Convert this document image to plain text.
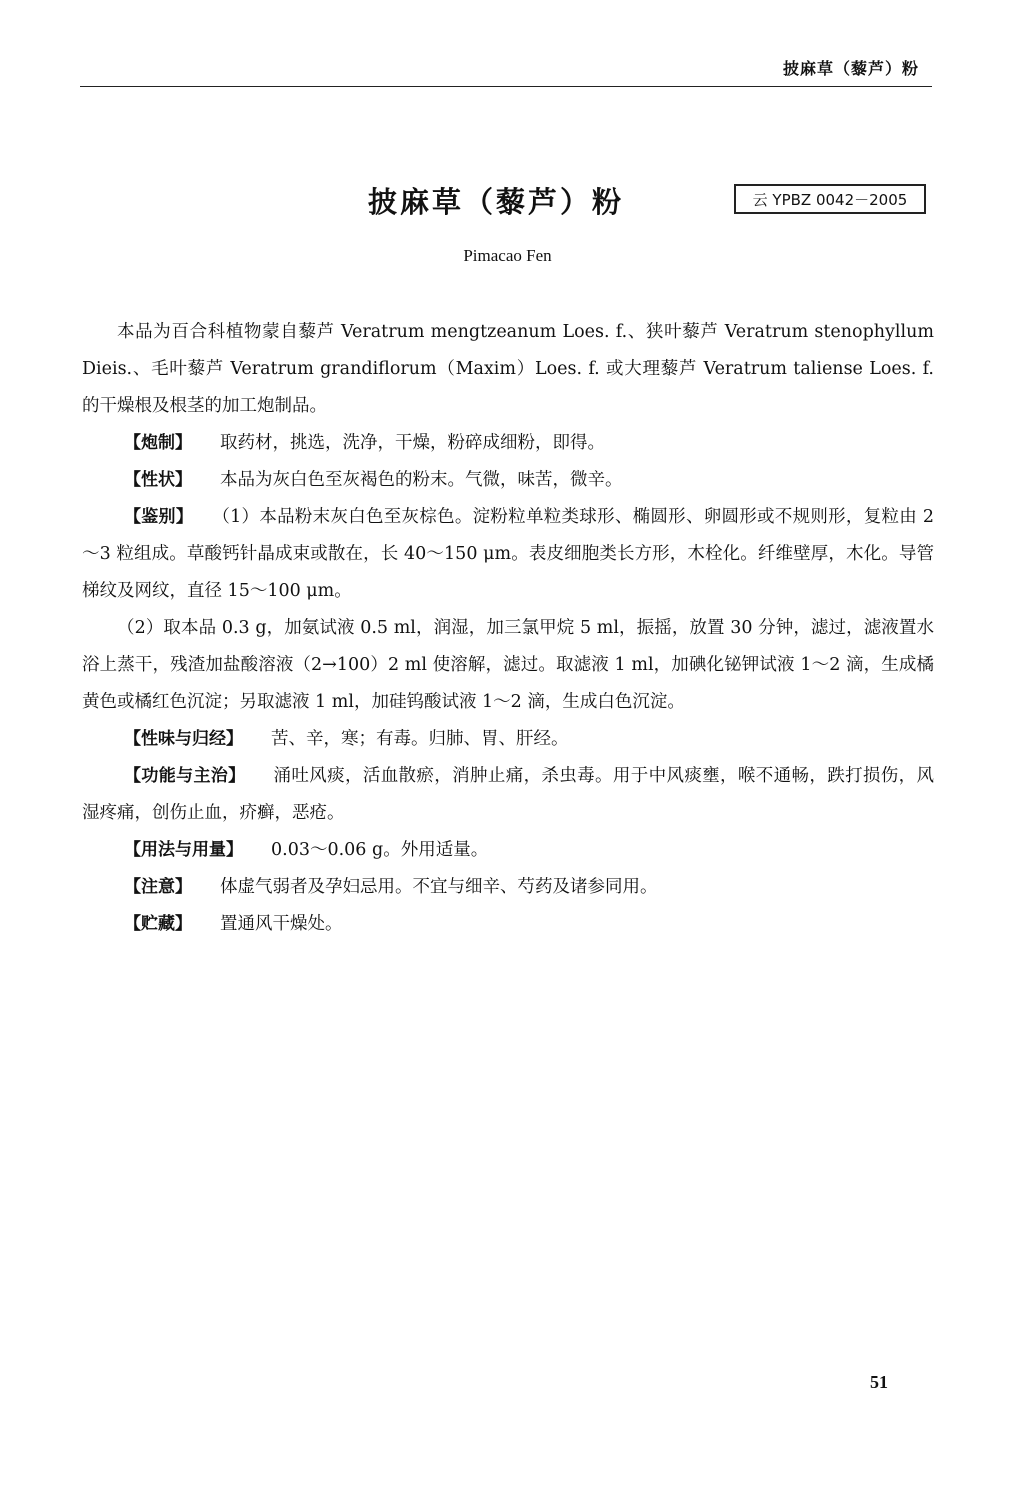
披麻草（藜芦）粉
披麻草（藜芦）粉	云 YPBZ 0042－2005
Pimacao Fen

本品为百合科植物蒙自藜芦 Veratrum mengtzeanum Loes. f.、狭叶藜芦 Veratrum stenophyllum Dieis.、毛叶藜芦 Veratrum grandiflorum（Maxim）Loes. f. 或大理藜芦 Veratrum taliense Loes. f. 的干燥根及根茎的加工炮制品。

【炮制】 取药材，挑选，洗净，干燥，粉碎成细粉，即得。

【性状】 本品为灰白色至灰褐色的粉末。气微，味苦，微辛。

【鉴别】 （1）本品粉末灰白色至灰棕色。淀粉粒单粒类球形、椭圆形、卵圆形或不规则形，复粒由 2～3 粒组成。草酸钙针晶成束或散在，长 40～150 μm。表皮细胞类长方形，木栓化。纤维壁厚，木化。导管梯纹及网纹，直径 15～100 μm。

（2）取本品 0.3 g，加氨试液 0.5 ml，润湿，加三氯甲烷 5 ml，振摇，放置 30 分钟，滤过，滤液置水浴上蒸干，残渣加盐酸溶液（2→100）2 ml 使溶解，滤过。取滤液 1 ml，加碘化铋钾试液 1～2 滴，生成橘黄色或橘红色沉淀；另取滤液 1 ml，加硅钨酸试液 1～2 滴，生成白色沉淀。

【性味与归经】 苦、辛，寒；有毒。归肺、胃、肝经。

【功能与主治】 涌吐风痰，活血散瘀，消肿止痛，杀虫毒。用于中风痰壅，喉不通畅，跌打损伤，风湿疼痛，创伤止血，疥癣，恶疮。

【用法与用量】 0.03～0.06 g。外用适量。

【注意】 体虚气弱者及孕妇忌用。不宜与细辛、芍药及诸参同用。

【贮藏】 置通风干燥处。

51
